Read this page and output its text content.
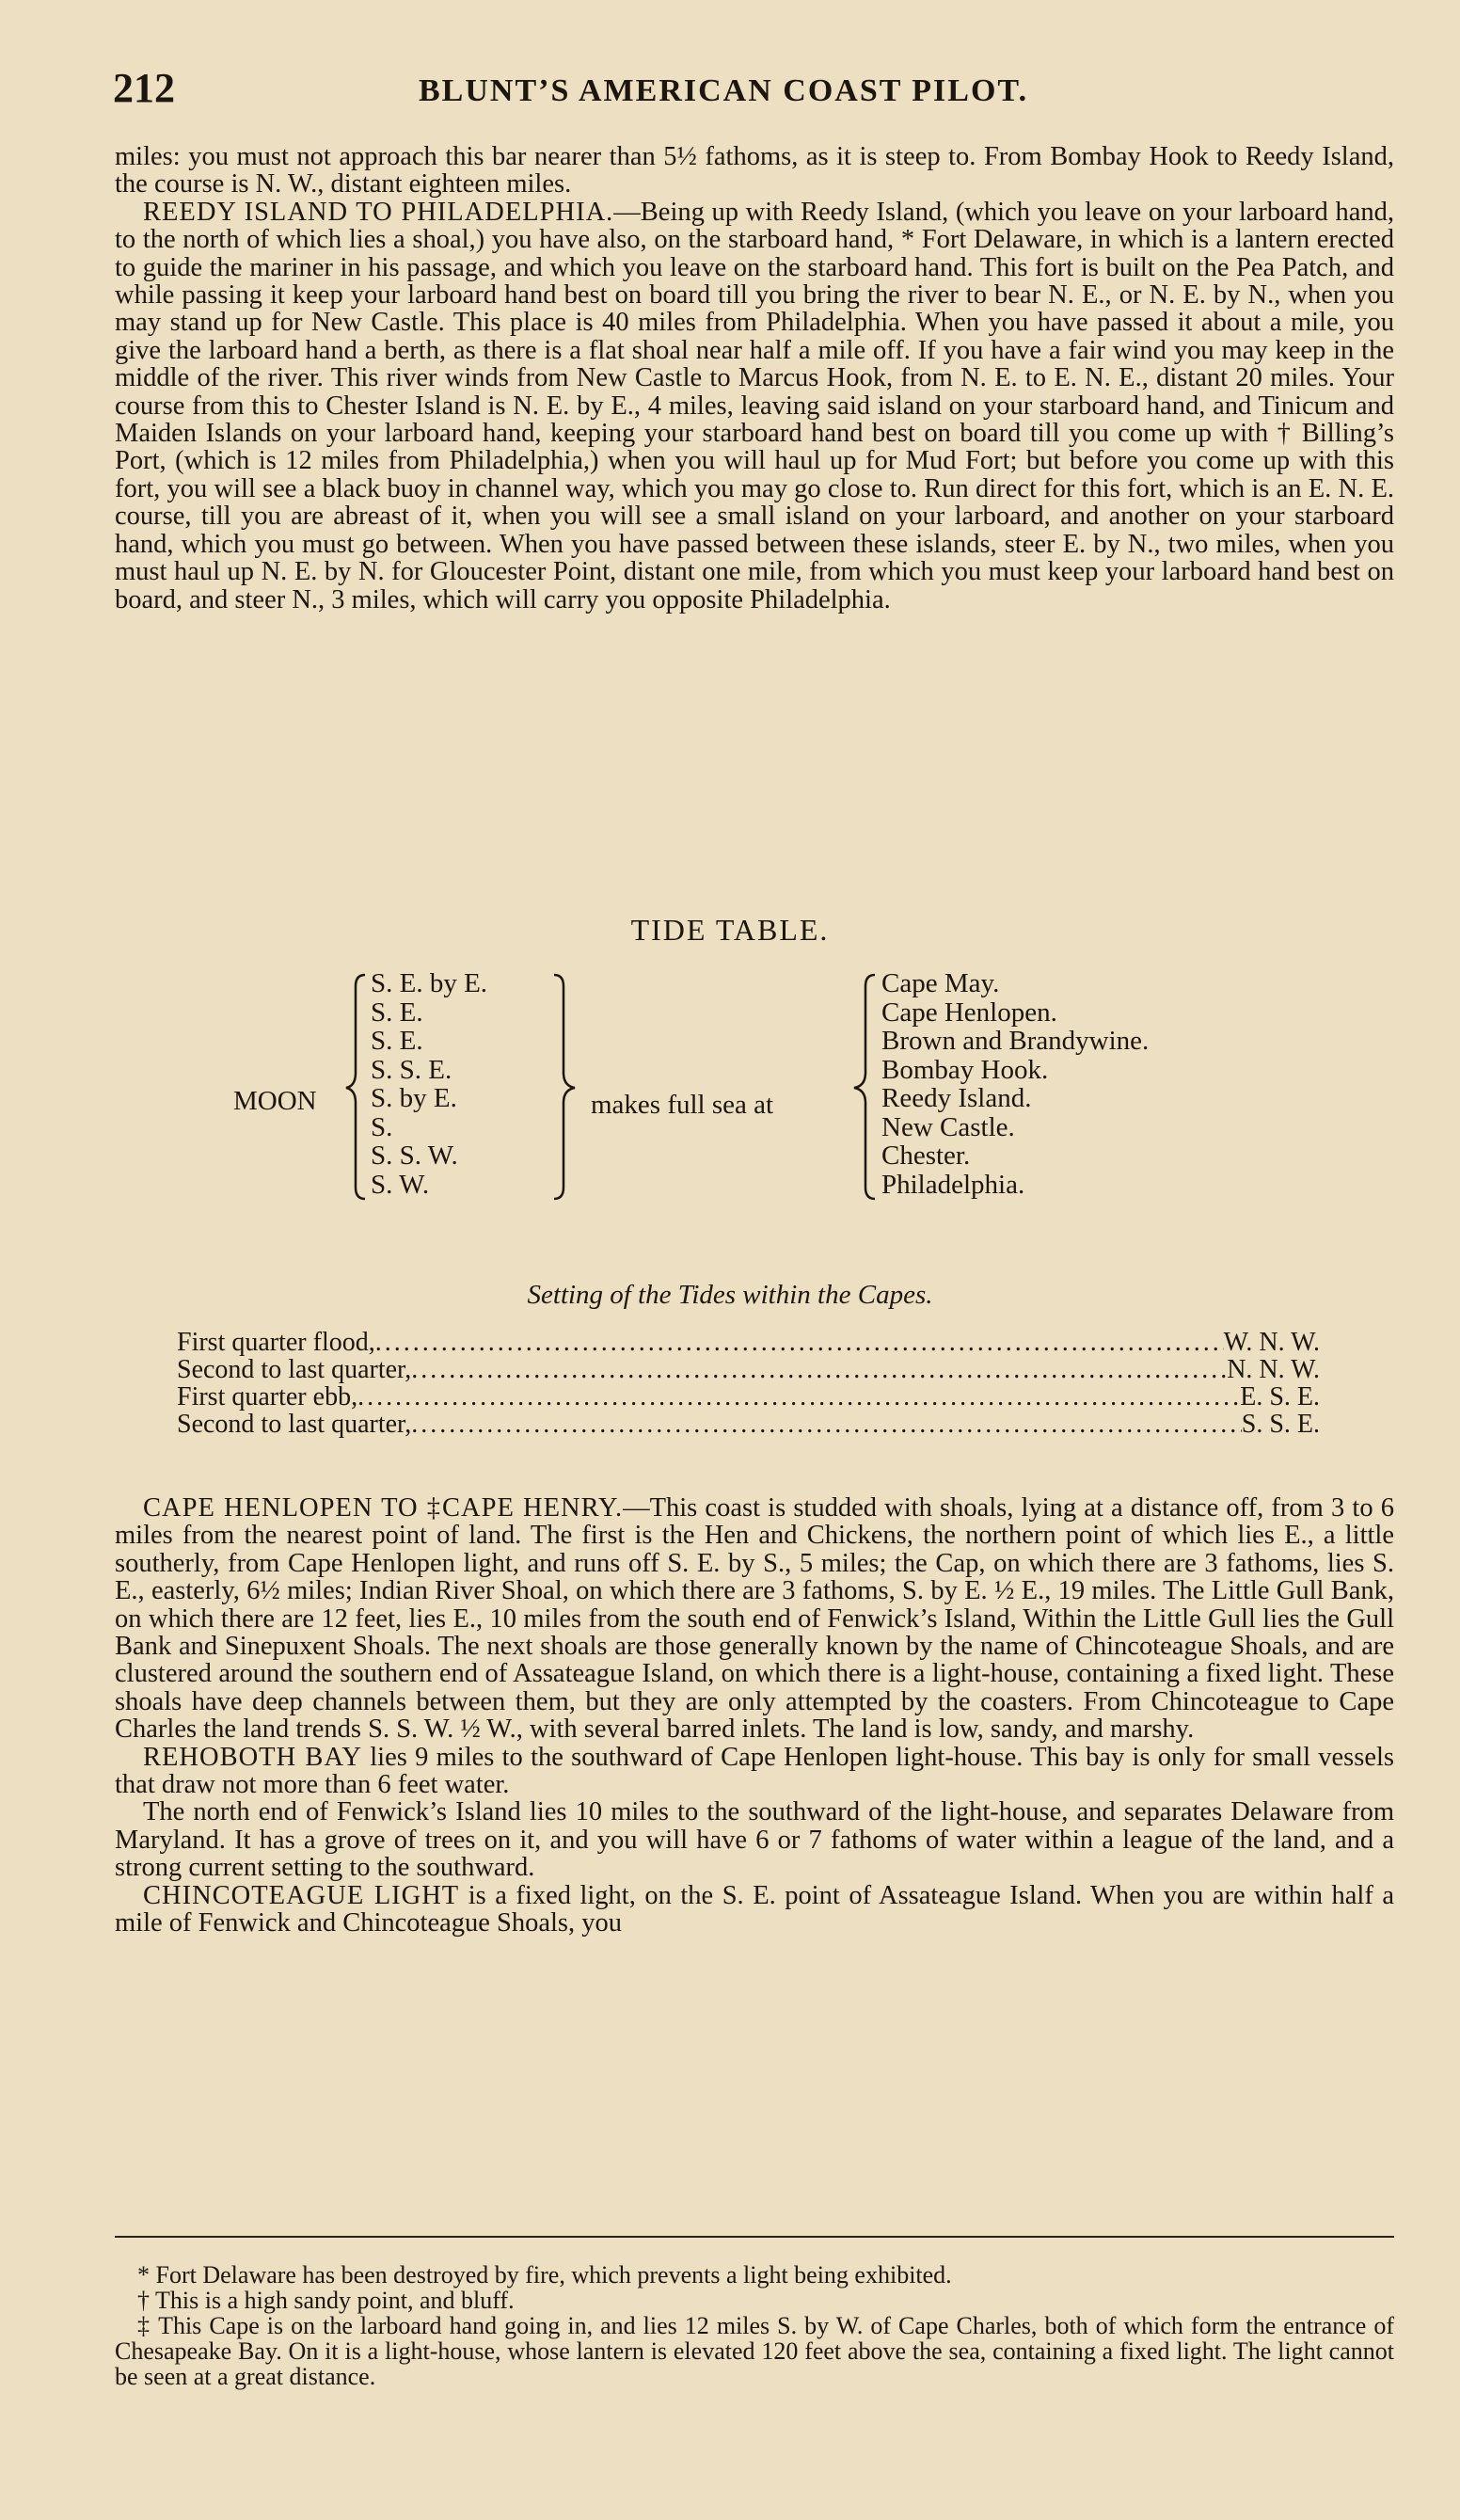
212	BLUNT’S AMERICAN COAST PILOT.

miles: you must not approach this bar nearer than 5½ fathoms, as it is steep to. From Bombay Hook to Reedy Island, the course is N. W., distant eighteen miles.

REEDY ISLAND TO PHILADELPHIA.—Being up with Reedy Island, (which you leave on your larboard hand, to the north of which lies a shoal,) you have also, on the starboard hand, * Fort Delaware, in which is a lantern erected to guide the mariner in his passage, and which you leave on the starboard hand. This fort is built on the Pea Patch, and while passing it keep your larboard hand best on board till you bring the river to bear N. E., or N. E. by N., when you may stand up for New Castle. This place is 40 miles from Philadelphia. When you have passed it about a mile, you give the larboard hand a berth, as there is a flat shoal near half a mile off. If you have a fair wind you may keep in the middle of the river. This river winds from New Castle to Marcus Hook, from N. E. to E. N. E., distant 20 miles. Your course from this to Chester Island is N. E. by E., 4 miles, leaving said island on your starboard hand, and Tinicum and Maiden Islands on your larboard hand, keeping your starboard hand best on board till you come up with † Billing’s Port, (which is 12 miles from Philadelphia,) when you will haul up for Mud Fort; but before you come up with this fort, you will see a black buoy in channel way, which you may go close to. Run direct for this fort, which is an E. N. E. course, till you are abreast of it, when you will see a small island on your larboard, and another on your starboard hand, which you must go between. When you have passed between these islands, steer E. by N., two miles, when you must haul up N. E. by N. for Gloucester Point, distant one mile, from which you must keep your larboard hand best on board, and steer N., 3 miles, which will carry you opposite Philadelphia.

TIDE TABLE.
MOON
S. E. by E.
S. E.
S. E.
S. S. E.
S. by E.
S.
S. S. W.
S. W.
makes full sea at
Cape May.
Cape Henlopen.
Brown and Brandywine.
Bombay Hook.
Reedy Island.
New Castle.
Chester.
Philadelphia.
Setting of the Tides within the Capes.
First quarter flood, .....	W. N. W.
Second to last quarter, .....	N. N. W.
First quarter ebb, .....	E. S. E.
Second to last quarter, .....	S. S. E.

CAPE HENLOPEN TO ‡CAPE HENRY.—This coast is studded with shoals, lying at a distance off, from 3 to 6 miles from the nearest point of land. The first is the Hen and Chickens, the northern point of which lies E., a little southerly, from Cape Henlopen light, and runs off S. E. by S., 5 miles; the Cap, on which there are 3 fathoms, lies S. E., easterly, 6½ miles; Indian River Shoal, on which there are 3 fathoms, S. by E. ½ E., 19 miles. The Little Gull Bank, on which there are 12 feet, lies E., 10 miles from the south end of Fenwick’s Island, Within the Little Gull lies the Gull Bank and Sinepuxent Shoals. The next shoals are those generally known by the name of Chincoteague Shoals, and are clustered around the southern end of Assateague Island, on which there is a light-house, containing a fixed light. These shoals have deep channels between them, but they are only attempted by the coasters. From Chincoteague to Cape Charles the land trends S. S. W. ½ W., with several barred inlets. The land is low, sandy, and marshy.

REHOBOTH BAY lies 9 miles to the southward of Cape Henlopen light-house. This bay is only for small vessels that draw not more than 6 feet water.

The north end of Fenwick’s Island lies 10 miles to the southward of the light-house, and separates Delaware from Maryland. It has a grove of trees on it, and you will have 6 or 7 fathoms of water within a league of the land, and a strong current setting to the southward.

CHINCOTEAGUE LIGHT is a fixed light, on the S. E. point of Assateague Island. When you are within half a mile of Fenwick and Chincoteague Shoals, you

* Fort Delaware has been destroyed by fire, which prevents a light being exhibited.

† This is a high sandy point, and bluff.

‡ This Cape is on the larboard hand going in, and lies 12 miles S. by W. of Cape Charles, both of which form the entrance of Chesapeake Bay. On it is a light-house, whose lantern is elevated 120 feet above the sea, containing a fixed light. The light cannot be seen at a great distance.
